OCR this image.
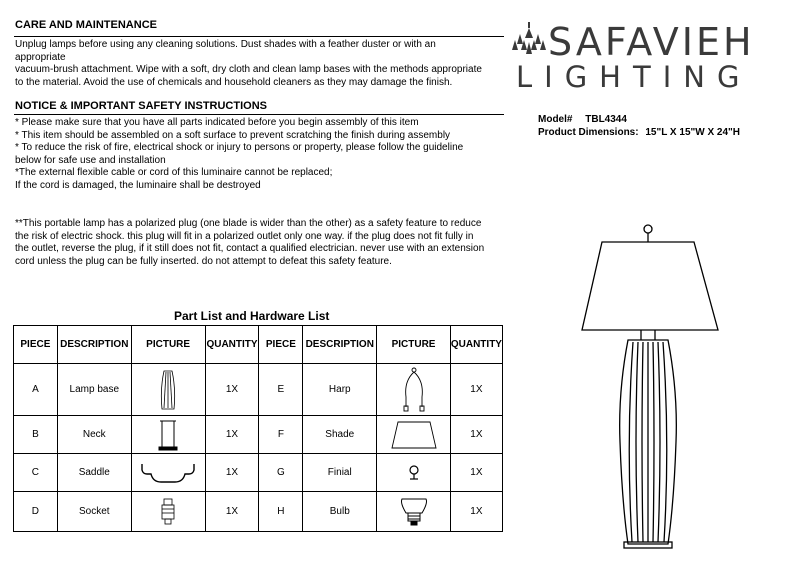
CARE AND MAINTENANCE
Unplug lamps before using any cleaning solutions. Dust shades with a feather duster or with an
appropriate
vacuum-brush attachment. Wipe with a soft, dry cloth and clean lamp bases with the methods appropriate
to the material. Avoid the use of chemicals and household cleaners as they may damage the finish.
NOTICE & IMPORTANT SAFETY INSTRUCTIONS
* Please make sure that you have all parts indicated before you begin assembly of this item
* This item should be assembled on a soft surface to prevent scratching the finish during assembly
* To reduce the risk of fire, electrical shock or injury to persons or property, please follow the guideline
below for safe use and installation
*The external flexible cable or cord of this luminaire cannot be replaced;
If the cord is damaged, the luminaire shall be destroyed
**This portable lamp has a polarized plug (one blade is wider than the other) as a safety feature to reduce
the risk of electric shock. this plug will fit in a polarized outlet only one way. if the plug does not fit fully in
the outlet, reverse the plug, if it still does not fit, contact a qualified electrician. never use with an extension
cord unless the plug can be fully inserted. do not attempt to defeat this safety feature.
SAFAVIEH
LIGHTING
Model# TBL4344
Product Dimensions: 15"L X 15"W X 24"H
Part List and Hardware List
PIECE	DESCRIPTION	PICTURE	QUANTITY	PIECE	DESCRIPTION	PICTURE	QUANTITY
A	Lamp base		1X	E	Harp		1X
B	Neck		1X	F	Shade		1X
C	Saddle		1X	G	Finial		1X
D	Socket		1X	H	Bulb		1X
